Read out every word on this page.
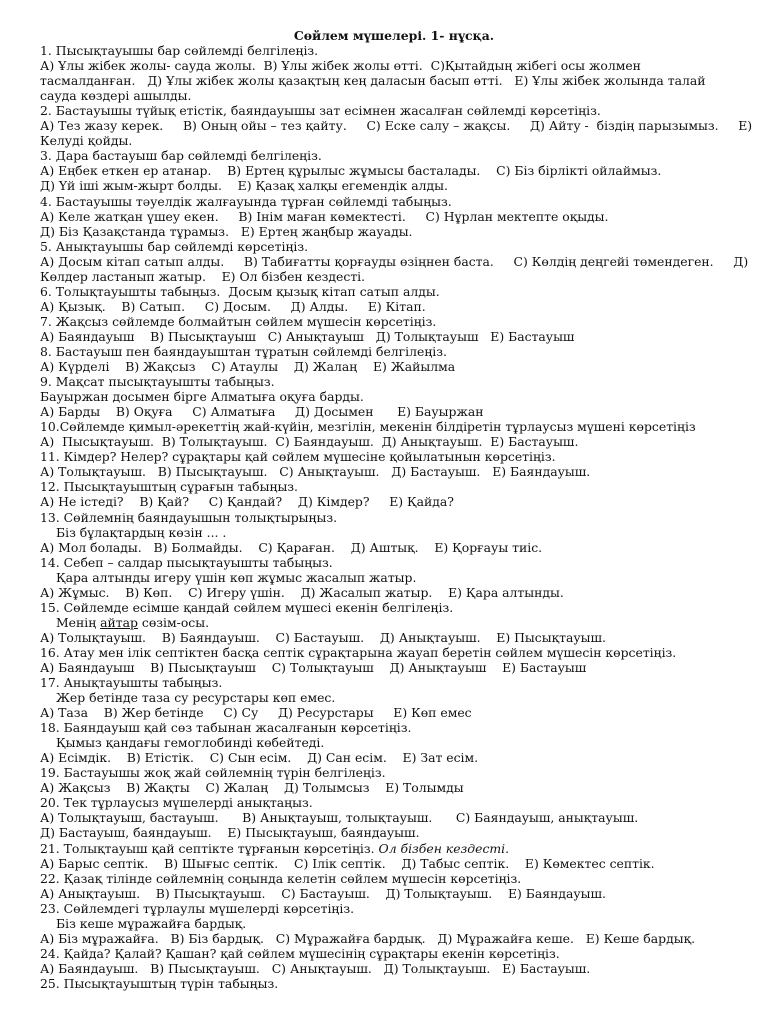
Сөйлем мүшелері. 1- нұсқа.
1. Пысықтауышы бар сөйлемді белгілеңіз.
А) Ұлы жібек жолы- сауда жолы.  В) Ұлы жібек жолы өтті.  С)Қытайдың жібегі осы жолмен
тасмалданған.   Д) Ұлы жібек жолы қазақтың кең даласын басып өтті.   Е) Ұлы жібек жолында талай
сауда көздері ашылды.
2. Бастауышы түйық етістік, баяндауышы зат есімнен жасалған сөйлемді көрсетіңіз.
А) Тез жазу керек.     В) Оның ойы – тез қайту.     С) Еске салу – жақсы.     Д) Айту -  біздің парызымыз.     Е)
Келуді қойды.
3. Дара бастауыш бар сөйлемді белгілеңіз.
А) Еңбек еткен ер атанар.    В) Ертең құрылыс жұмысы басталады.    С) Біз бірлікті ойлаймыз.
Д) Үй іші жым-жырт болды.    Е) Қазақ халқы егемендік алды.
4. Бастауышы тәуелдік жалғауында тұрған сөйлемді табыңыз.
А) Келе жатқан үшеу екен.     В) Інім маған көмектесті.     С) Нұрлан мектепте оқыды.
Д) Біз Қазақстанда тұрамыз.   Е) Ертең жаңбыр жауады.
5. Анықтауышы бар сөйлемді көрсетіңіз.
А) Досым кітап сатып алды.     В) Табиғатты қорғауды өзіңнен баста.     С) Көлдің деңгейі төмендеген.     Д)
Көлдер ластанып жатыр.    Е) Ол бізбен кездесті.
6. Толықтауышты табыңыз.  Досым қызық кітап сатып алды.
А) Қызық.    В) Сатып.     С) Досым.     Д) Алды.     Е) Кітап.
7. Жақсыз сөйлемде болмайтын сөйлем мүшесін көрсетіңіз.
А) Баяндауыш    В) Пысықтауыш   С) Анықтауыш   Д) Толықтауыш   Е) Бастауыш
8. Бастауыш пен баяндауыштан тұратын сөйлемді белгілеңіз.
А) Күрделі    В) Жақсыз    С) Атаулы    Д) Жалаң    Е) Жайылма
9. Мақсат пысықтауышты табыңыз.
Бауыржан досымен бірге Алматыға оқуға барды.
А) Барды    В) Оқуға     С) Алматыға     Д) Досымен      Е) Бауыржан
10.Сөйлемде қимыл-әрекеттің жай-күйін, мезгілін, мекенін білдіретін тұрлаусыз мүшені көрсетіңіз
А)  Пысықтауыш.  В) Толықтауыш.  С) Баяндауыш.  Д) Анықтауыш.  Е) Бастауыш.
11. Кімдер? Нелер? сұрақтары қай сөйлем мүшесіне қойылатынын көрсетіңіз.
А) Толықтауыш.   В) Пысықтауыш.   С) Анықтауыш.   Д) Бастауыш.   Е) Баяндауыш.
12. Пысықтауыштың сұрағын табыңыз.
А) Не істеді?    В) Қай?     С) Қандай?    Д) Кімдер?     Е) Қайда?
13. Сөйлемнің баяндауышын толықтырыңыз.
Біз бұлақтардың көзін ... .
А) Мол болады.   В) Болмайды.    С) Қараған.    Д) Аштық.    Е) Қорғауы тиіс.
14. Себеп – салдар пысықтауышты табыңыз.
Қара алтынды игеру үшін көп жұмыс жасалып жатыр.
А) Жұмыс.    В) Көп.    С) Игеру үшін.    Д) Жасалып жатыр.    Е) Қара алтынды.
15. Сөйлемде есімше қандай сөйлем мүшесі екенін белгілеңіз.
Менің айтар сөзім-осы.
А) Толықтауыш.    В) Баяндауыш.    С) Бастауыш.    Д) Анықтауыш.    Е) Пысықтауыш.
16. Атау мен ілік септіктен басқа септік сұрақтарына жауап беретін сөйлем мүшесін көрсетіңіз.
А) Баяндауыш    В) Пысықтауыш    С) Толықтауыш    Д) Анықтауыш    Е) Бастауыш
17. Анықтауышты табыңыз.
Жер бетінде таза су ресурстары көп емес.
А) Таза    В) Жер бетінде     С) Су     Д) Ресурстары     Е) Көп емес
18. Баяндауыш қай сөз табынан жасалғанын көрсетіңіз.
Қымыз қандағы гемоглобинді көбейтеді.
А) Есімдік.    В) Етістік.    С) Сын есім.    Д) Сан есім.    Е) Зат есім.
19. Бастауышы жоқ жай сөйлемнің түрін белгілеңіз.
А) Жақсыз    В) Жақты    С) Жалаң    Д) Толымсыз    Е) Толымды
20. Тек тұрлаусыз мүшелерді анықтаңыз.
А) Толықтауыш, бастауыш.      В) Анықтауыш, толықтауыш.      С) Баяндауыш, анықтауыш.
Д) Бастауыш, баяндауыш.    Е) Пысықтауыш, баяндауыш.
21. Толықтауыш қай септікте тұрғанын көрсетіңіз. Ол бізбен кездесті.
А) Барыс септік.    В) Шығыс септік.    С) Ілік септік.    Д) Табыс септік.    Е) Көмектес септік.
22. Қазақ тілінде сөйлемнің соңында келетін сөйлем мүшесін көрсетіңіз.
А) Анықтауыш.    В) Пысықтауыш.    С) Бастауыш.    Д) Толықтауыш.    Е) Баяндауыш.
23. Сөйлемдегі тұрлаулы мүшелерді көрсетіңіз.
Біз кеше мұражайға бардық.
А) Біз мұражайға.   В) Біз бардық.   С) Мұражайға бардық.   Д) Мұражайға кеше.   Е) Кеше бардық.
24. Қайда? Қалай? Қашан? қай сөйлем мүшесінің сұрақтары екенін көрсетіңіз.
А) Баяндауыш.   В) Пысықтауыш.   С) Анықтауыш.   Д) Толықтауыш.   Е) Бастауыш.
25. Пысықтауыштың түрін табыңыз.
